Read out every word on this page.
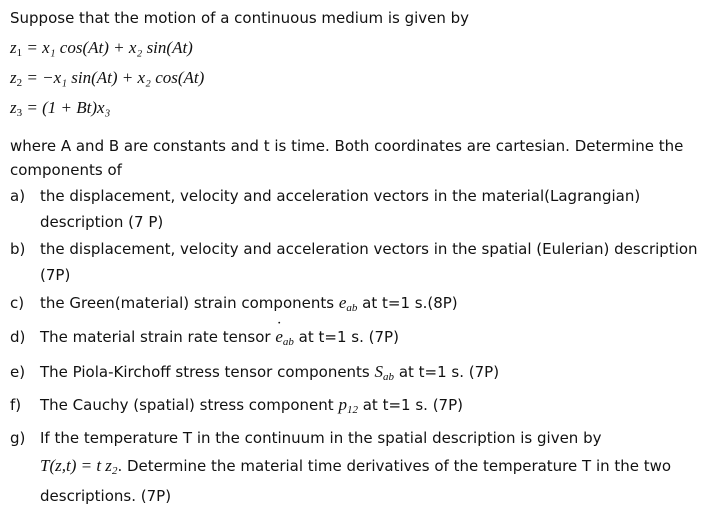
Suppose that the motion of a continuous medium is given by
$z_1 = x_1$ cos(At) + x₂ sin(At)
$z_2 = -x_1$ sin(At) + x₂ cos(At)
$z_3 = (1 + Bt)x_3$
where A and B are constants and t is time. Both coordinates are cartesian. Determine the
components of
a) the displacement, velocity and acceleration vectors in the material(Lagrangian)
description (7 P)
b) the displacement, velocity and acceleration vectors in the spatial (Eulerian) description
(7P)
c) the Green(material) strain components $e_{ab}$ at t=1 s.(8P)
d) The material strain rate tensor ˙ $e_{ab}$ at t=1 s. (7P)
e) The Piola-Kirchoff stress tensor components $S_{ab}$ at t=1 s. (7P)
f) The Cauchy (spatial) stress component $p_{12}$ at t=1 s. (7P)
g) If the temperature T in the continuum in the spatial description is given by
T(z,t) = t $z_2$. Determine the material time derivatives of the temperature T in the two
descriptions. (7P)
